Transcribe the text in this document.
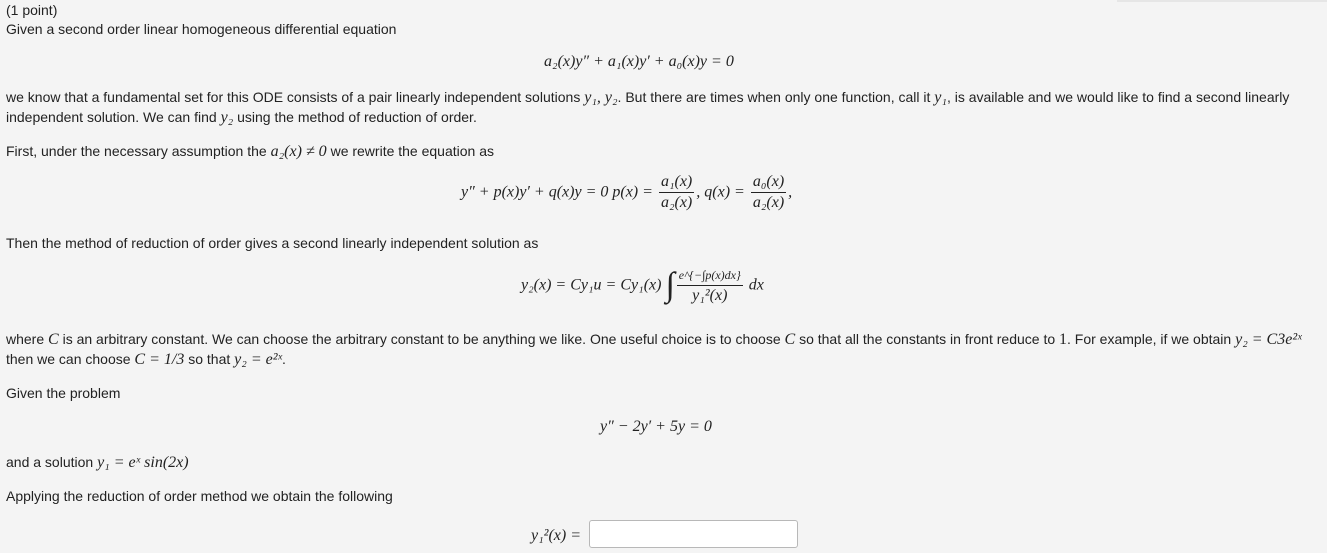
(1 point)
Given a second order linear homogeneous differential equation
a₂(x)y″ + a₁(x)y′ + a₀(x)y = 0
we know that a fundamental set for this ODE consists of a pair linearly independent solutions y₁, y₂. But there are times when only one function, call it y₁, is available and we would like to find a second linearly
independent solution. We can find y₂ using the method of reduction of order.
First, under the necessary assumption the a₂(x) ≠ 0 we rewrite the equation as
y″ + p(x)y′ + q(x)y = 0 $p(x) = \frac{\text{a₁(x)}}{\text{a₂(x)}}$ , $q(x) = \frac{\text{a₀(x)}}{\text{a₂(x)}}$ ,
Then the method of reduction of order gives a second linearly independent solution as
y₂(x) = Cy₁u = Cy₁(x) ∫ $\frac{e\^{}\{-\int p(x)dx\}}{\text{y₁²(x)}}$ dx
where C is an arbitrary constant. We can choose the arbitrary constant to be anything we like. One useful choice is to choose C so that all the constants in front reduce to 1. For example, if we obtain y₂ = C3e²ˣ
then we can choose C = 1/3 so that y₂ = e²ˣ.
Given the problem
y″ − 2y′ + 5y = 0
and a solution y₁ = eˣ sin(2x)
Applying the reduction of order method we obtain the following
y₁²(x) =
